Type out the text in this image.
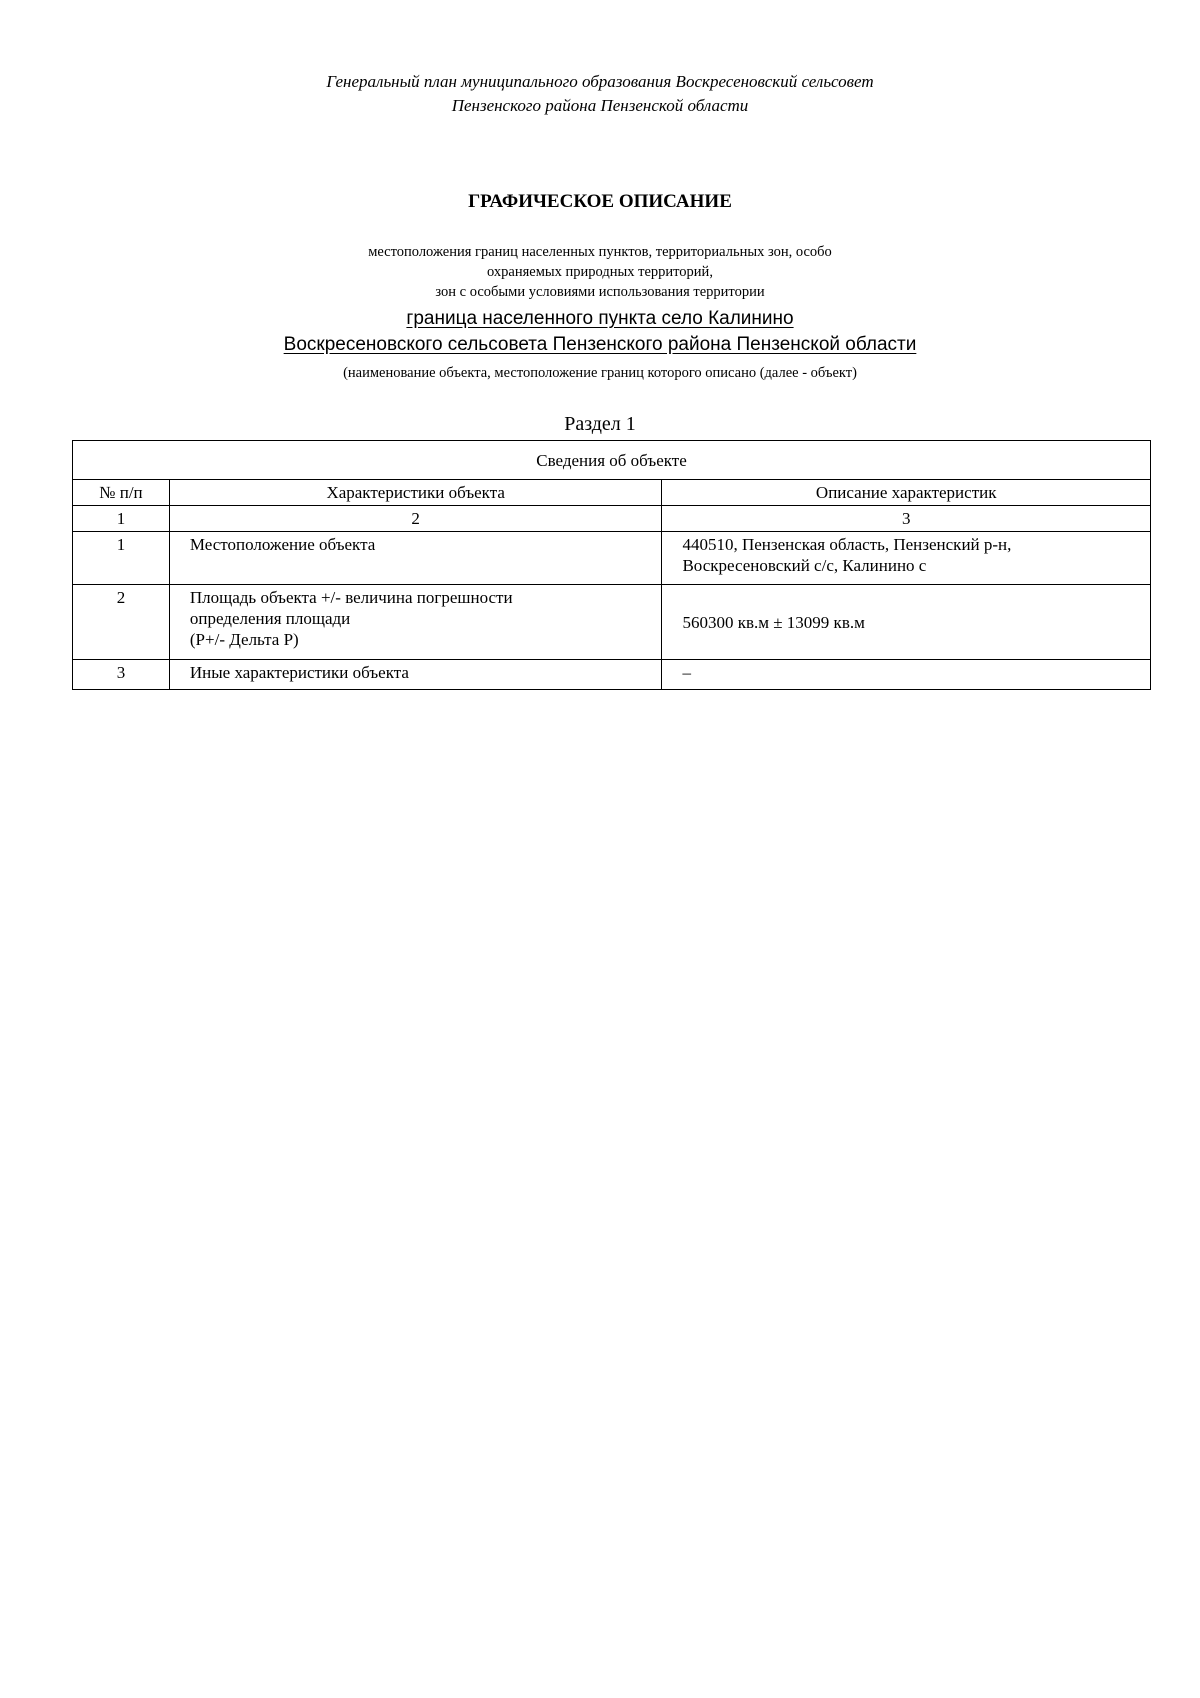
Генеральный план муниципального образования Воскресеновский сельсовет
Пензенского района Пензенской области
ГРАФИЧЕСКОЕ ОПИСАНИЕ
местоположения границ населенных пунктов, территориальных зон, особо
охраняемых природных территорий,
зон с особыми условиями использования территории
граница населенного пункта село Калинино
Воскресеновского сельсовета Пензенского района Пензенской области
(наименование объекта, местоположение границ которого описано (далее - объект)
Раздел 1
Сведения об объекте		
№ п/п	Характеристики объекта	Описание характеристик
1	2	3
1	Местоположение объекта	440510, Пензенская область, Пензенский р-н,
Воскресеновский с/с, Калинино с

2	Площадь объекта +/- величина погрешности
определения площади
(Р+/- Дельта Р)	560300 кв.м ± 13099 кв.м

3	Иные характеристики объекта	–
